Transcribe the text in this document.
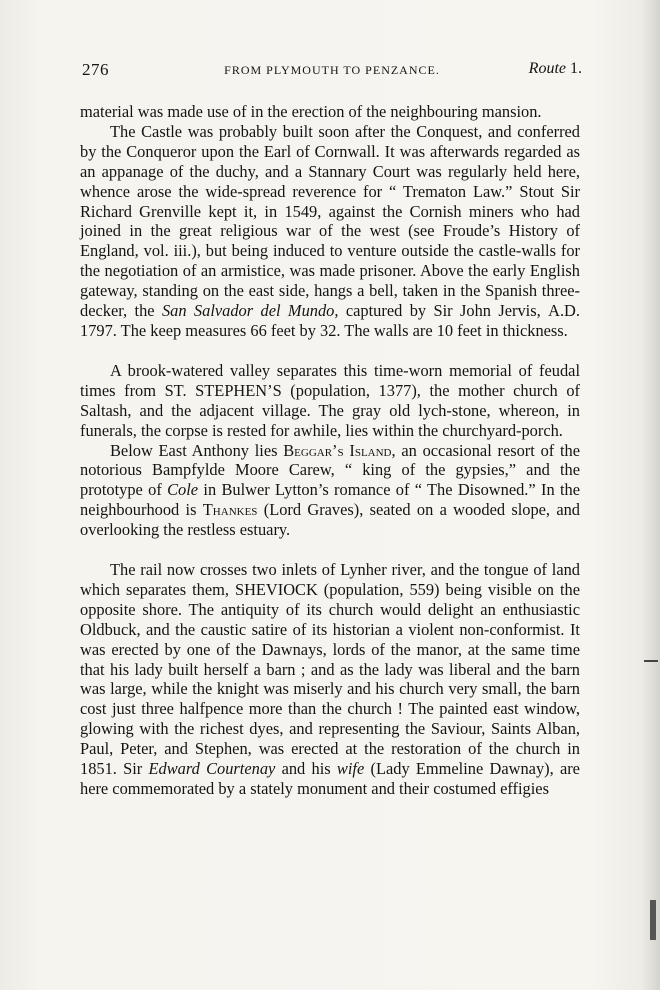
276	FROM PLYMOUTH TO PENZANCE.	Route 1.

material was made use of in the erection of the neighbouring mansion.

The Castle was probably built soon after the Conquest, and conferred by the Conqueror upon the Earl of Cornwall. It was afterwards regarded as an appanage of the duchy, and a Stannary Court was regularly held here, whence arose the wide-spread reverence for “ Trematon Law.” Stout Sir Richard Grenville kept it, in 1549, against the Cornish miners who had joined in the great religious war of the west (see Froude’s History of England, vol. iii.), but being induced to venture outside the castle-walls for the negotiation of an armistice, was made prisoner. Above the early English gateway, standing on the east side, hangs a bell, taken in the Spanish three-decker, the San Salvador del Mundo, captured by Sir John Jervis, A.D. 1797. The keep measures 66 feet by 32. The walls are 10 feet in thickness.

A brook-watered valley separates this time-worn memorial of feudal times from ST. STEPHEN’S (population, 1377), the mother church of Saltash, and the adjacent village. The gray old lych-stone, whereon, in funerals, the corpse is rested for awhile, lies within the churchyard-porch.

Below East Anthony lies Beggar’s Island, an occasional resort of the notorious Bampfylde Moore Carew, “ king of the gypsies,” and the prototype of Cole in Bulwer Lytton’s romance of “ The Disowned.” In the neighbourhood is Thankes (Lord Graves), seated on a wooded slope, and overlooking the restless estuary.

The rail now crosses two inlets of Lynher river, and the tongue of land which separates them, SHEVIOCK (population, 559) being visible on the opposite shore. The antiquity of its church would delight an enthusiastic Oldbuck, and the caustic satire of its historian a violent non-conformist. It was erected by one of the Dawnays, lords of the manor, at the same time that his lady built herself a barn ; and as the lady was liberal and the barn was large, while the knight was miserly and his church very small, the barn cost just three halfpence more than the church ! The painted east window, glowing with the richest dyes, and representing the Saviour, Saints Alban, Paul, Peter, and Stephen, was erected at the restoration of the church in 1851. Sir Edward Courtenay and his wife (Lady Emmeline Dawnay), are here commemorated by a stately monument and their costumed effigies
